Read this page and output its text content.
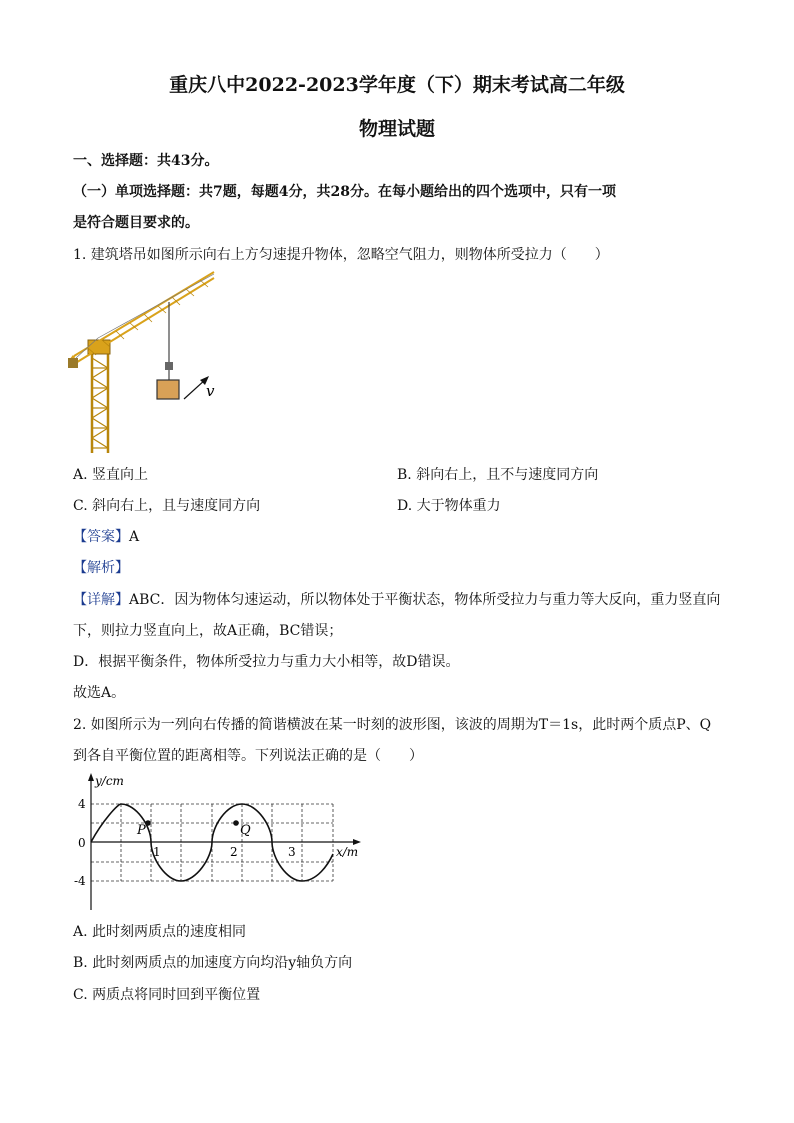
重庆八中2022-2023学年度（下）期末考试高二年级
物理试题
一、选择题：共43分。
（一）单项选择题：共7题，每题4分，共28分。在每小题给出的四个选项中，只有一项
是符合题目要求的。
1. 建筑塔吊如图所示向右上方匀速提升物体，忽略空气阻力，则物体所受拉力（　　）
v
A. 竖直向上	B. 斜向右上，且不与速度同方向
C. 斜向右上，且与速度同方向	D. 大于物体重力
【答案】A
【解析】
【详解】ABC．因为物体匀速运动，所以物体处于平衡状态，物体所受拉力与重力等大反向，重力竖直向
下，则拉力竖直向上，故A正确，BC错误；
D．根据平衡条件，物体所受拉力与重力大小相等，故D错误。
故选A。
2. 如图所示为一列向右传播的简谐横波在某一时刻的波形图，该波的周期为T＝1s，此时两个质点P、Q
到各自平衡位置的距离相等。下列说法正确的是（　　）
P	Q
y/cm
x/m
4
0
-4
1	2	3
A. 此时刻两质点的速度相同
B. 此时刻两质点的加速度方向均沿y轴负方向
C. 两质点将同时回到平衡位置
